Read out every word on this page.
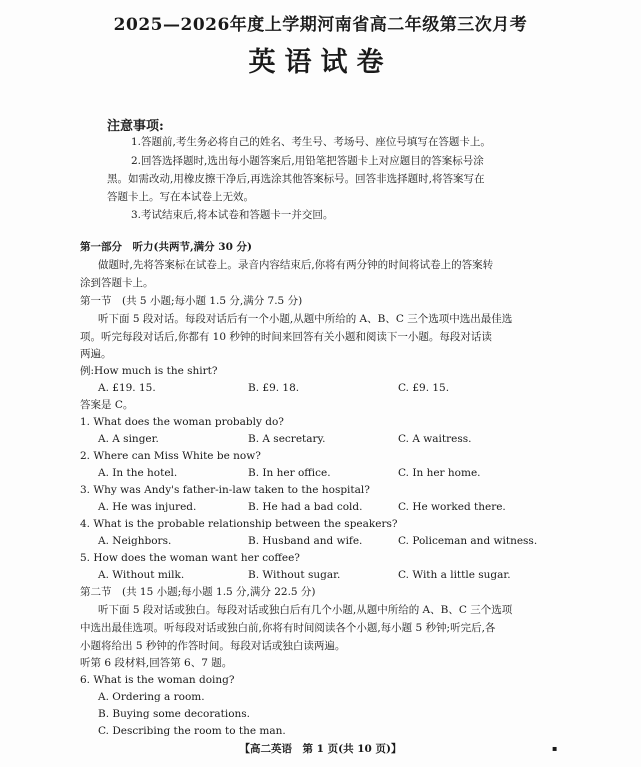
2025—2026年度上学期河南省高二年级第三次月考
英语试卷
注意事项:
1.答题前,考生务必将自己的姓名、考生号、考场号、座位号填写在答题卡上。
2.回答选择题时,选出每小题答案后,用铅笔把答题卡上对应题目的答案标号涂
黑。如需改动,用橡皮擦干净后,再选涂其他答案标号。回答非选择题时,将答案写在
答题卡上。写在本试卷上无效。
3.考试结束后,将本试卷和答题卡一并交回。
第一部分　听力(共两节,满分 30 分)
做题时,先将答案标在试卷上。录音内容结束后,你将有两分钟的时间将试卷上的答案转
涂到答题卡上。
第一节　(共 5 小题;每小题 1.5 分,满分 7.5 分)
听下面 5 段对话。每段对话后有一个小题,从题中所给的 A、B、C 三个选项中选出最佳选
项。听完每段对话后,你都有 10 秒钟的时间来回答有关小题和阅读下一小题。每段对话读
两遍。
例:How much is the shirt?
A. £19. 15.	B. £9. 18.	C. £9. 15.
答案是 C。
1. What does the woman probably do?
A. A singer.	B. A secretary.	C. A waitress.
2. Where can Miss White be now?
A. In the hotel.	B. In her office.	C. In her home.
3. Why was Andy's father-in-law taken to the hospital?
A. He was injured.	B. He had a bad cold.	C. He worked there.
4. What is the probable relationship between the speakers?
A. Neighbors.	B. Husband and wife.	C. Policeman and witness.
5. How does the woman want her coffee?
A. Without milk.	B. Without sugar.	C. With a little sugar.
第二节　(共 15 小题;每小题 1.5 分,满分 22.5 分)
听下面 5 段对话或独白。每段对话或独白后有几个小题,从题中所给的 A、B、C 三个选项
中选出最佳选项。听每段对话或独白前,你将有时间阅读各个小题,每小题 5 秒钟;听完后,各
小题将给出 5 秒钟的作答时间。每段对话或独白读两遍。
听第 6 段材料,回答第 6、7 题。
6. What is the woman doing?
A. Ordering a room.
B. Buying some decorations.
C. Describing the room to the man.
【高二英语　第 1 页(共 10 页)】	▪
